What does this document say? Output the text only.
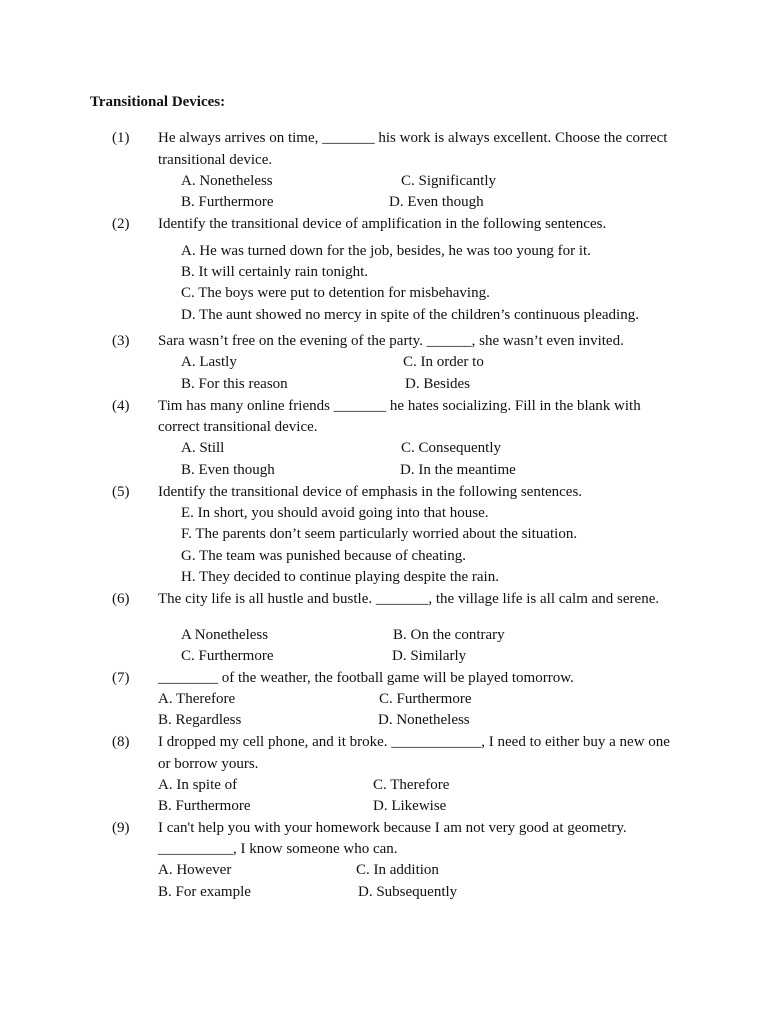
Transitional Devices:

(1) He always arrives on time, _______ his work is always excellent. Choose the correct

transitional device.

A. Nonetheless	C. Significantly

B. Furthermore	D. Even though

(2) Identify the transitional device of amplification in the following sentences.

A. He was turned down for the job, besides, he was too young for it.

B. It will certainly rain tonight.

C. The boys were put to detention for misbehaving.

D. The aunt showed no mercy in spite of the children’s continuous pleading.

(3) Sara wasn’t free on the evening of the party. ______, she wasn’t even invited.

A. Lastly	C. In order to

B. For this reason	D. Besides

(4) Tim has many online friends _______ he hates socializing. Fill in the blank with

correct transitional device.

A. Still	C. Consequently

B. Even though	D. In the meantime

(5) Identify the transitional device of emphasis in the following sentences.

E. In short, you should avoid going into that house.

F. The parents don’t seem particularly worried about the situation.

G. The team was punished because of cheating.

H. They decided to continue playing despite the rain.

(6) The city life is all hustle and bustle. _______, the village life is all calm and serene.

A Nonetheless	B. On the contrary

C. Furthermore	D. Similarly

(7) ________ of the weather, the football game will be played tomorrow.

A. Therefore	C. Furthermore

B. Regardless	D. Nonetheless

(8) I dropped my cell phone, and it broke. ____________, I need to either buy a new one

or borrow yours.

A. In spite of	C. Therefore

B. Furthermore	D. Likewise

(9) I can't help you with your homework because I am not very good at geometry.

__________, I know someone who can.

A. However	C. In addition

B. For example	D. Subsequently
